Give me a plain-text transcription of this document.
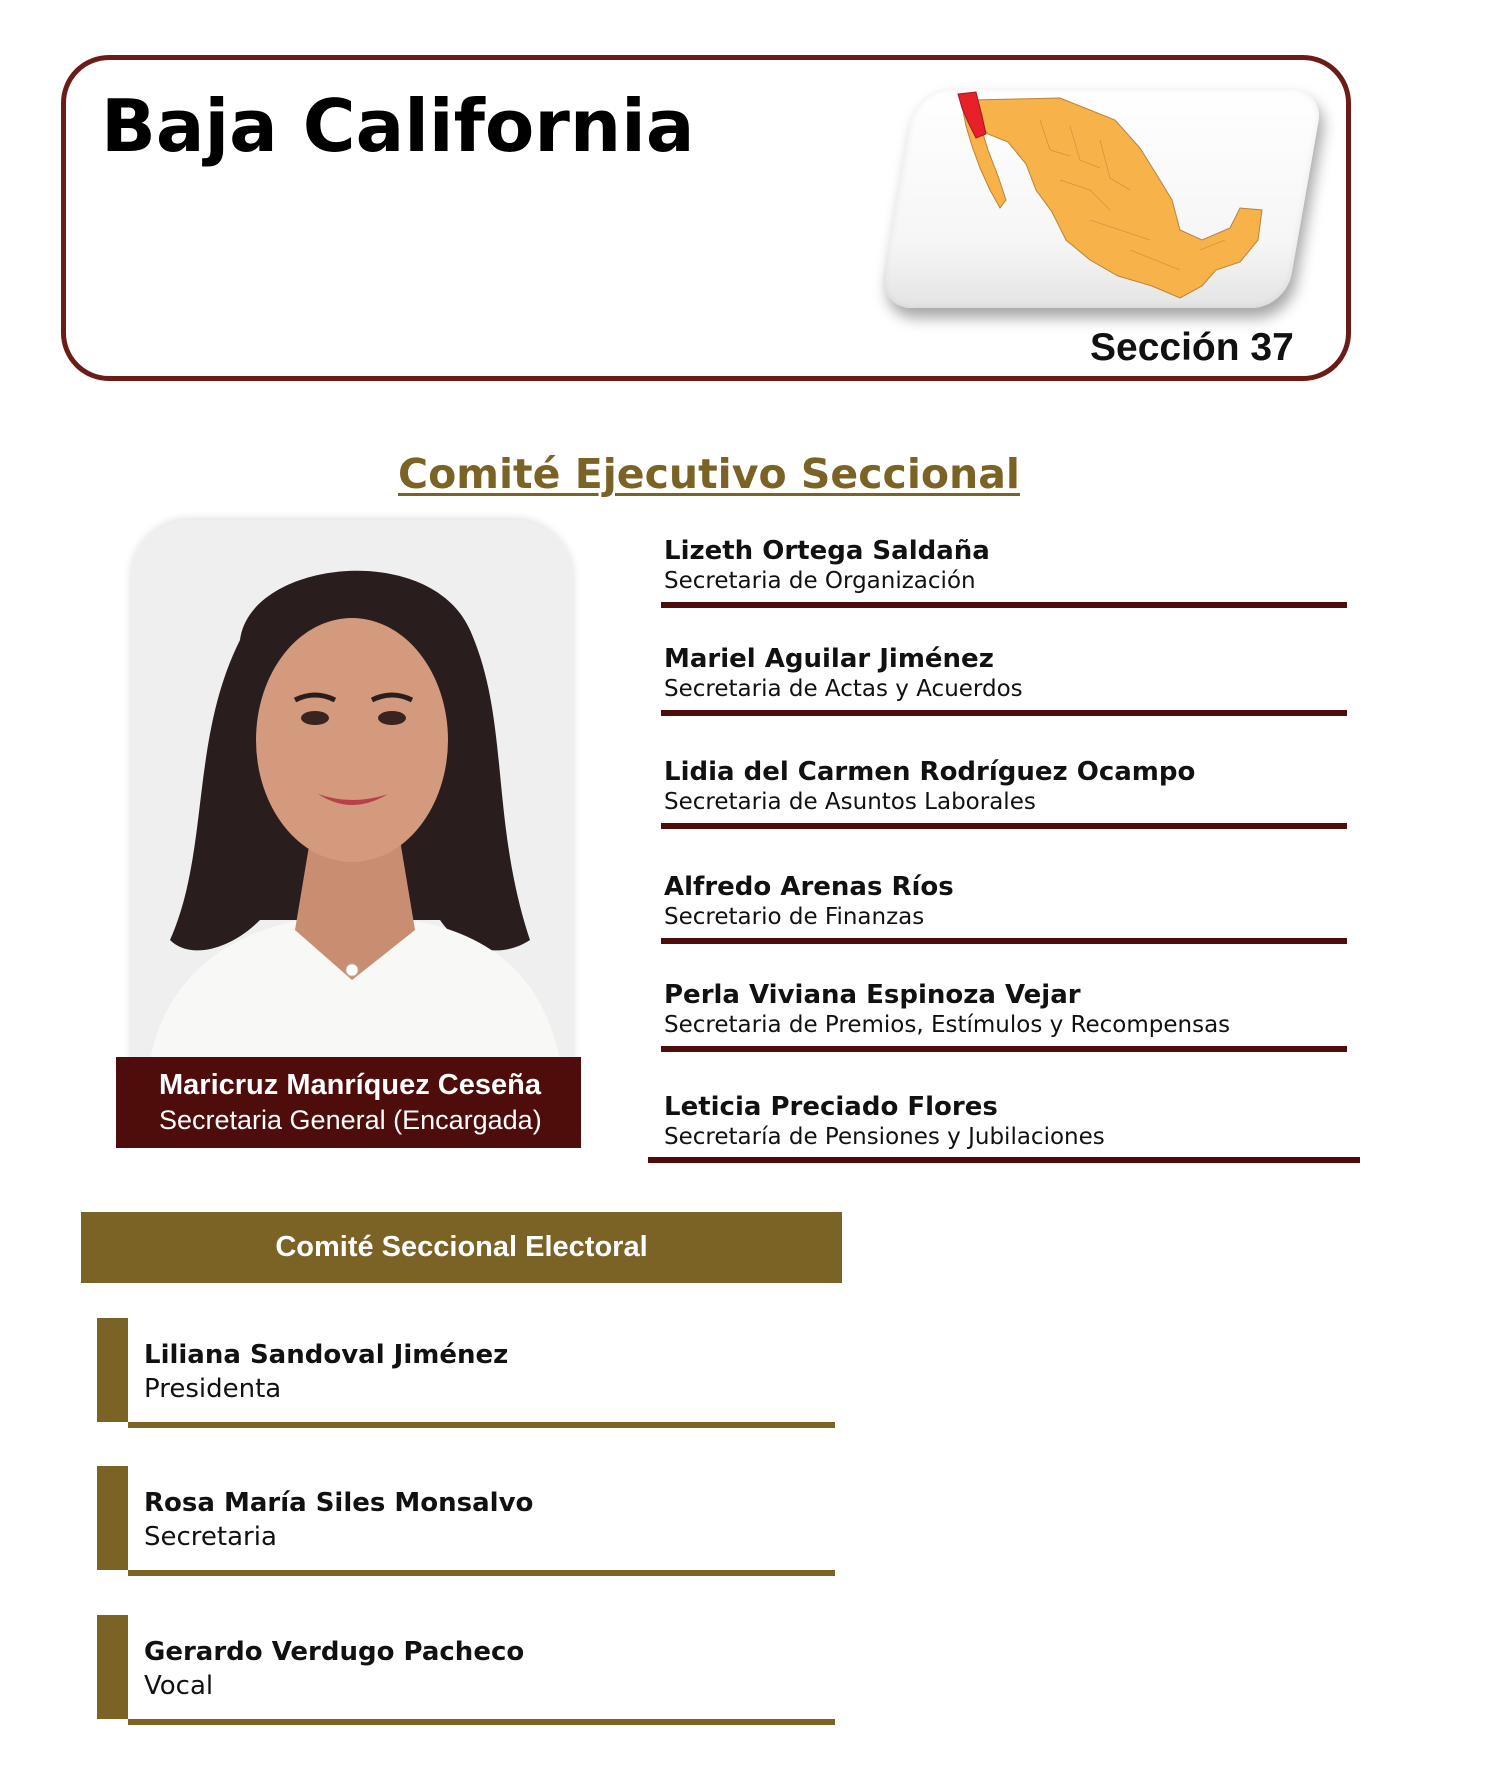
Baja California
Sección 37
Comité Ejecutivo Seccional
Maricruz Manríquez Ceseña
Secretaria General (Encargada)
Lizeth Ortega Saldaña
Secretaria de Organización
Mariel Aguilar Jiménez
Secretaria de Actas y Acuerdos
Lidia del Carmen Rodríguez Ocampo
Secretaria de Asuntos Laborales
Alfredo Arenas Ríos
Secretario de Finanzas
Perla Viviana Espinoza Vejar
Secretaria de Premios, Estímulos y Recompensas
Leticia Preciado Flores
Secretaría de Pensiones y Jubilaciones
Comité Seccional Electoral
Liliana Sandoval Jiménez
Presidenta
Rosa María Siles Monsalvo
Secretaria
Gerardo Verdugo Pacheco
Vocal
